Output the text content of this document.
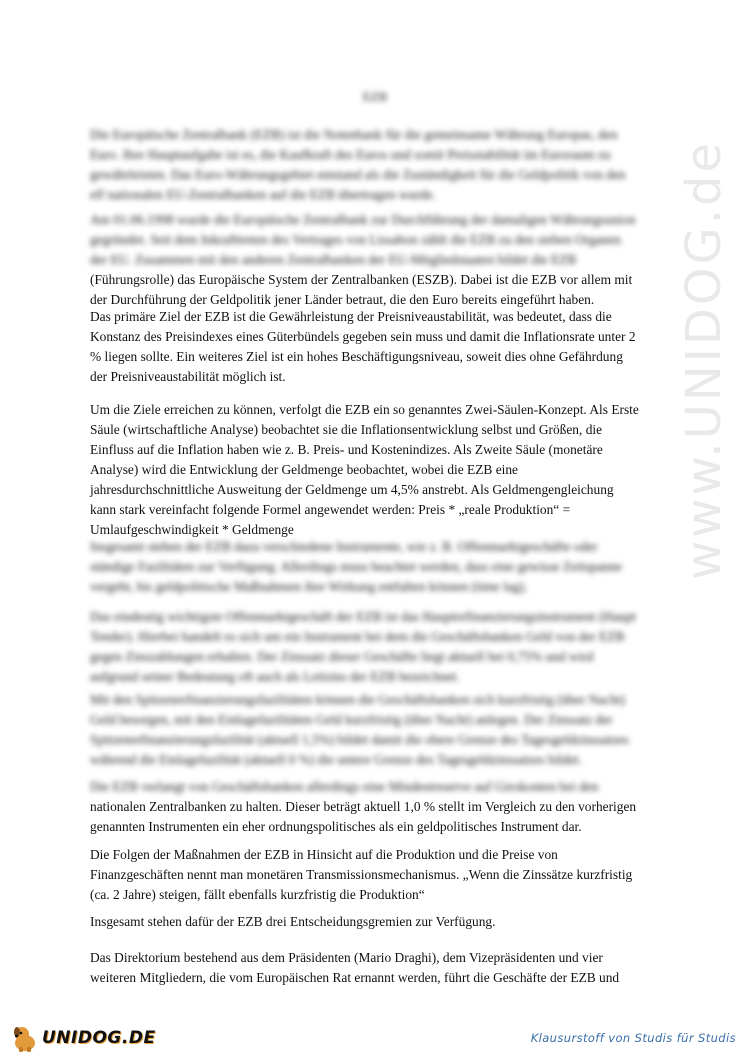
EZB
Die Europäische Zentralbank (EZB) ist die Notenbank für die gemeinsame Währung Europas, den
Euro. Ihre Hauptaufgabe ist es, die Kaufkraft des Euros und somit Preisstabilität im Euroraum zu
gewährleisten. Das Euro-Währungsgebiet entstand als die Zuständigkeit für die Geldpolitik von den
elf nationalen EU-Zentralbanken auf die EZB übertragen wurde.
Am 01.06.1998 wurde die Europäische Zentralbank zur Durchführung der damaligen Währungsunion
gegründet. Seit dem Inkrafttreten des Vertrages von Lissabon zählt die EZB zu den sieben Organen
der EU. Zusammen mit den anderen Zentralbanken der EU-Mitgliedstaaten bildet die EZB
(Führungsrolle) das Europäische System der Zentralbanken (ESZB). Dabei ist die EZB vor allem mit
der Durchführung der Geldpolitik jener Länder betraut, die den Euro bereits eingeführt haben.
Das primäre Ziel der EZB ist die Gewährleistung der Preisniveaustabilität, was bedeutet, dass die
Konstanz des Preisindexes eines Güterbündels gegeben sein muss und damit die Inflationsrate unter 2
% liegen sollte. Ein weiteres Ziel ist ein hohes Beschäftigungsniveau, soweit dies ohne Gefährdung
der Preisniveaustabilität möglich ist.
Um die Ziele erreichen zu können, verfolgt die EZB ein so genanntes Zwei-Säulen-Konzept. Als Erste
Säule (wirtschaftliche Analyse) beobachtet sie die Inflationsentwicklung selbst und Größen, die
Einfluss auf die Inflation haben wie z. B. Preis- und Kostenindizes. Als Zweite Säule (monetäre
Analyse) wird die Entwicklung der Geldmenge beobachtet, wobei die EZB eine
jahresdurchschnittliche Ausweitung der Geldmenge um 4,5% anstrebt. Als Geldmengengleichung
kann stark vereinfacht folgende Formel angewendet werden: Preis * „reale Produktion“ =
Umlaufgeschwindigkeit * Geldmenge
Insgesamt stehen der EZB dazu verschiedene Instrumente, wie z. B. Offenmarktgeschäfte oder
ständige Fazilitäten zur Verfügung. Allerdings muss beachtet werden, dass eine gewisse Zeitspanne
vergeht, bis geldpolitische Maßnahmen ihre Wirkung entfalten können (time lag).
Das eindeutig wichtigste Offenmarktgeschäft der EZB ist das Hauptrefinanzierungsinstrument (Haupt
Tender). Hierbei handelt es sich um ein Instrument bei dem die Geschäftsbanken Geld von der EZB
gegen Zinszahlungen erhalten. Der Zinssatz dieser Geschäfte liegt aktuell bei 0,75% und wird
aufgrund seiner Bedeutung oft auch als Leitzins der EZB bezeichnet.
Mit den Spitzenrefinanzierungsfazilitäten können die Geschäftsbanken sich kurzfristig (über Nacht)
Geld besorgen, mit den Einlagefazilitäten Geld kurzfristig (über Nacht) anlegen. Der Zinssatz der
Spitzenrefinanzierungsfazilität (aktuell 1,5%) bildet damit die obere Grenze des Tagesgeldzinssatzes
während die Einlagefazilität (aktuell 0 %) die untere Grenze des Tagesgeldzinssatzes bildet.
Die EZB verlangt von Geschäftsbanken allerdings eine Mindestreserve auf Girokonten bei den
nationalen Zentralbanken zu halten. Dieser beträgt aktuell 1,0 % stellt im Vergleich zu den vorherigen
genannten Instrumenten ein eher ordnungspolitisches als ein geldpolitisches Instrument dar.
Die Folgen der Maßnahmen der EZB in Hinsicht auf die Produktion und die Preise von
Finanzgeschäften nennt man monetären Transmissionsmechanismus. „Wenn die Zinssätze kurzfristig
(ca. 2 Jahre) steigen, fällt ebenfalls kurzfristig die Produktion“
Insgesamt stehen dafür der EZB drei Entscheidungsgremien zur Verfügung.
Das Direktorium bestehend aus dem Präsidenten (Mario Draghi), dem Vizepräsidenten und vier
weiteren Mitgliedern, die vom Europäischen Rat ernannt werden, führt die Geschäfte der EZB und
www.UNIDOG.de
UNIDOG.DE	Klausurstoff von Studis für Studis
